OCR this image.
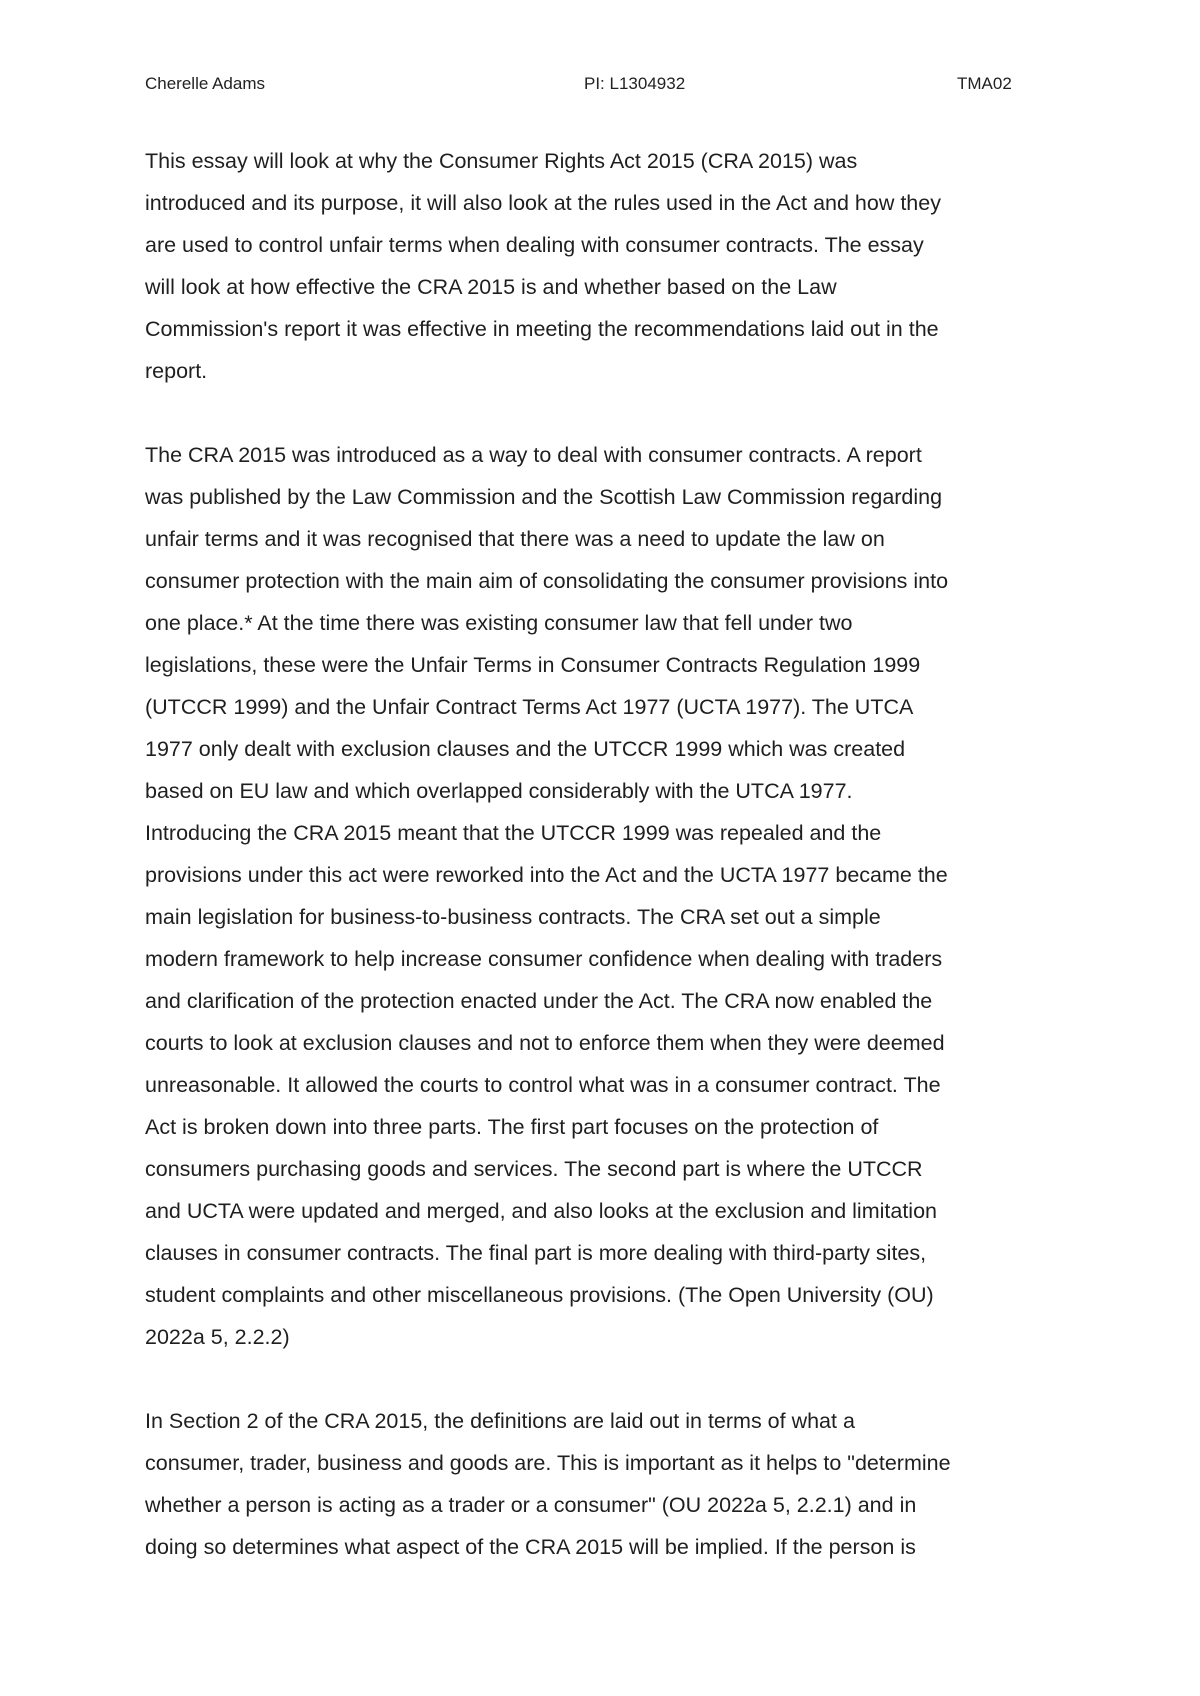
Cherelle Adams	PI: L1304932	TMA02

This essay will look at why the Consumer Rights Act 2015 (CRA 2015) was
introduced and its purpose, it will also look at the rules used in the Act and how they
are used to control unfair terms when dealing with consumer contracts. The essay
will look at how effective the CRA 2015 is and whether based on the Law
Commission's report it was effective in meeting the recommendations laid out in the
report.

The CRA 2015 was introduced as a way to deal with consumer contracts. A report
was published by the Law Commission and the Scottish Law Commission regarding
unfair terms and it was recognised that there was a need to update the law on
consumer protection with the main aim of consolidating the consumer provisions into
one place.* At the time there was existing consumer law that fell under two
legislations, these were the Unfair Terms in Consumer Contracts Regulation 1999
(UTCCR 1999) and the Unfair Contract Terms Act 1977 (UCTA 1977). The UTCA
1977 only dealt with exclusion clauses and the UTCCR 1999 which was created
based on EU law and which overlapped considerably with the UTCA 1977.
Introducing the CRA 2015 meant that the UTCCR 1999 was repealed and the
provisions under this act were reworked into the Act and the UCTA 1977 became the
main legislation for business-to-business contracts. The CRA set out a simple
modern framework to help increase consumer confidence when dealing with traders
and clarification of the protection enacted under the Act. The CRA now enabled the
courts to look at exclusion clauses and not to enforce them when they were deemed
unreasonable. It allowed the courts to control what was in a consumer contract. The
Act is broken down into three parts. The first part focuses on the protection of
consumers purchasing goods and services. The second part is where the UTCCR
and UCTA were updated and merged, and also looks at the exclusion and limitation
clauses in consumer contracts. The final part is more dealing with third-party sites,
student complaints and other miscellaneous provisions. (The Open University (OU)
2022a 5, 2.2.2)

In Section 2 of the CRA 2015, the definitions are laid out in terms of what a
consumer, trader, business and goods are. This is important as it helps to "determine
whether a person is acting as a trader or a consumer" (OU 2022a 5, 2.2.1) and in
doing so determines what aspect of the CRA 2015 will be implied. If the person is
